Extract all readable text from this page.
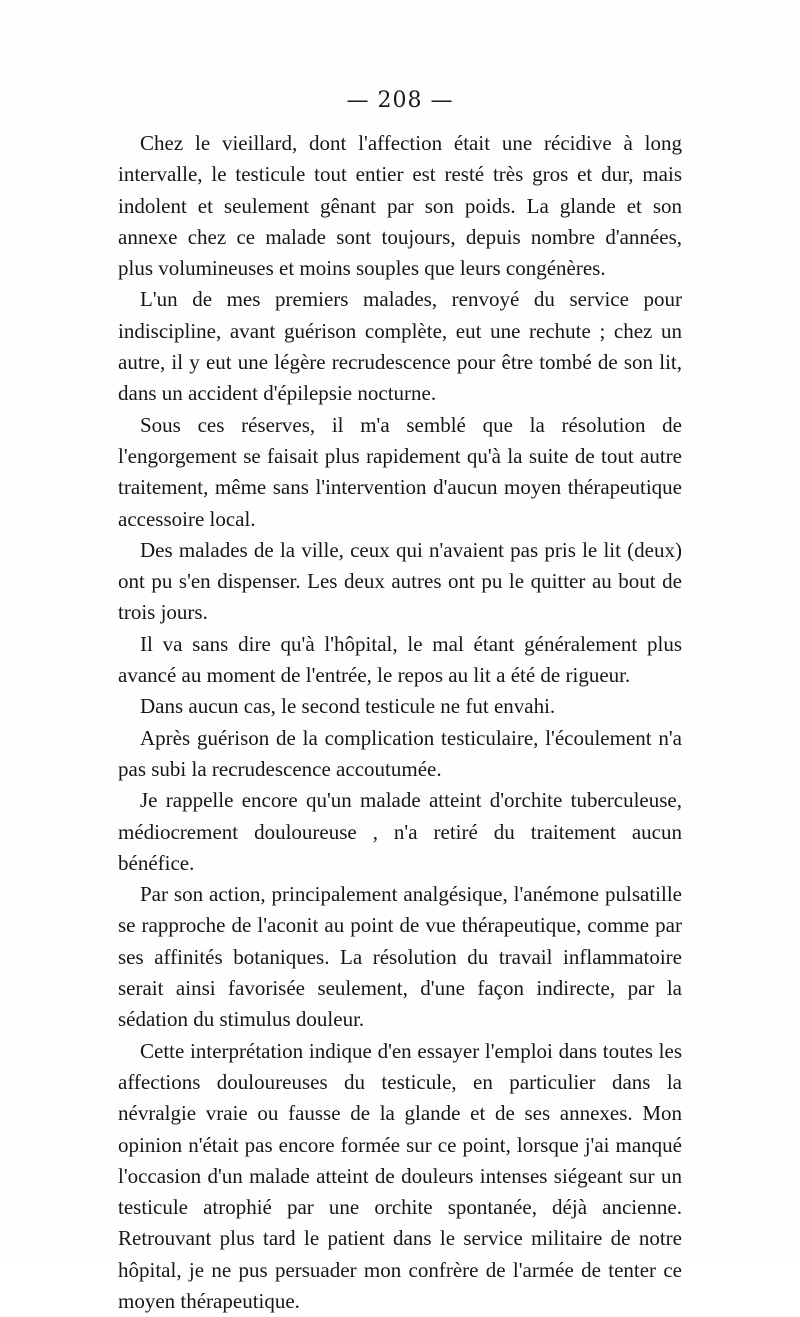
— 208 —

Chez le vieillard, dont l'affection était une récidive à long intervalle, le testicule tout entier est resté très gros et dur, mais indolent et seulement gênant par son poids. La glande et son annexe chez ce malade sont toujours, depuis nombre d'années, plus volumineuses et moins souples que leurs congénères.

L'un de mes premiers malades, renvoyé du service pour indiscipline, avant guérison complète, eut une rechute ; chez un autre, il y eut une légère recrudescence pour être tombé de son lit, dans un accident d'épilepsie nocturne.

Sous ces réserves, il m'a semblé que la résolution de l'engorgement se faisait plus rapidement qu'à la suite de tout autre traitement, même sans l'intervention d'aucun moyen thérapeutique accessoire local.

Des malades de la ville, ceux qui n'avaient pas pris le lit (deux) ont pu s'en dispenser. Les deux autres ont pu le quitter au bout de trois jours.

Il va sans dire qu'à l'hôpital, le mal étant généralement plus avancé au moment de l'entrée, le repos au lit a été de rigueur.

Dans aucun cas, le second testicule ne fut envahi.

Après guérison de la complication testiculaire, l'écoulement n'a pas subi la recrudescence accoutumée.

Je rappelle encore qu'un malade atteint d'orchite tuberculeuse, médiocrement douloureuse , n'a retiré du traitement aucun bénéfice.

Par son action, principalement analgésique, l'anémone pulsatille se rapproche de l'aconit au point de vue thérapeutique, comme par ses affinités botaniques. La résolution du travail inflammatoire serait ainsi favorisée seulement, d'une façon indirecte, par la sédation du stimulus douleur.

Cette interprétation indique d'en essayer l'emploi dans toutes les affections douloureuses du testicule, en particulier dans la névralgie vraie ou fausse de la glande et de ses annexes. Mon opinion n'était pas encore formée sur ce point, lorsque j'ai manqué l'occasion d'un malade atteint de douleurs intenses siégeant sur un testicule atrophié par une orchite spontanée, déjà ancienne. Retrouvant plus tard le patient dans le service militaire de notre hôpital, je ne pus persuader mon confrère de l'armée de tenter ce moyen thérapeutique.
